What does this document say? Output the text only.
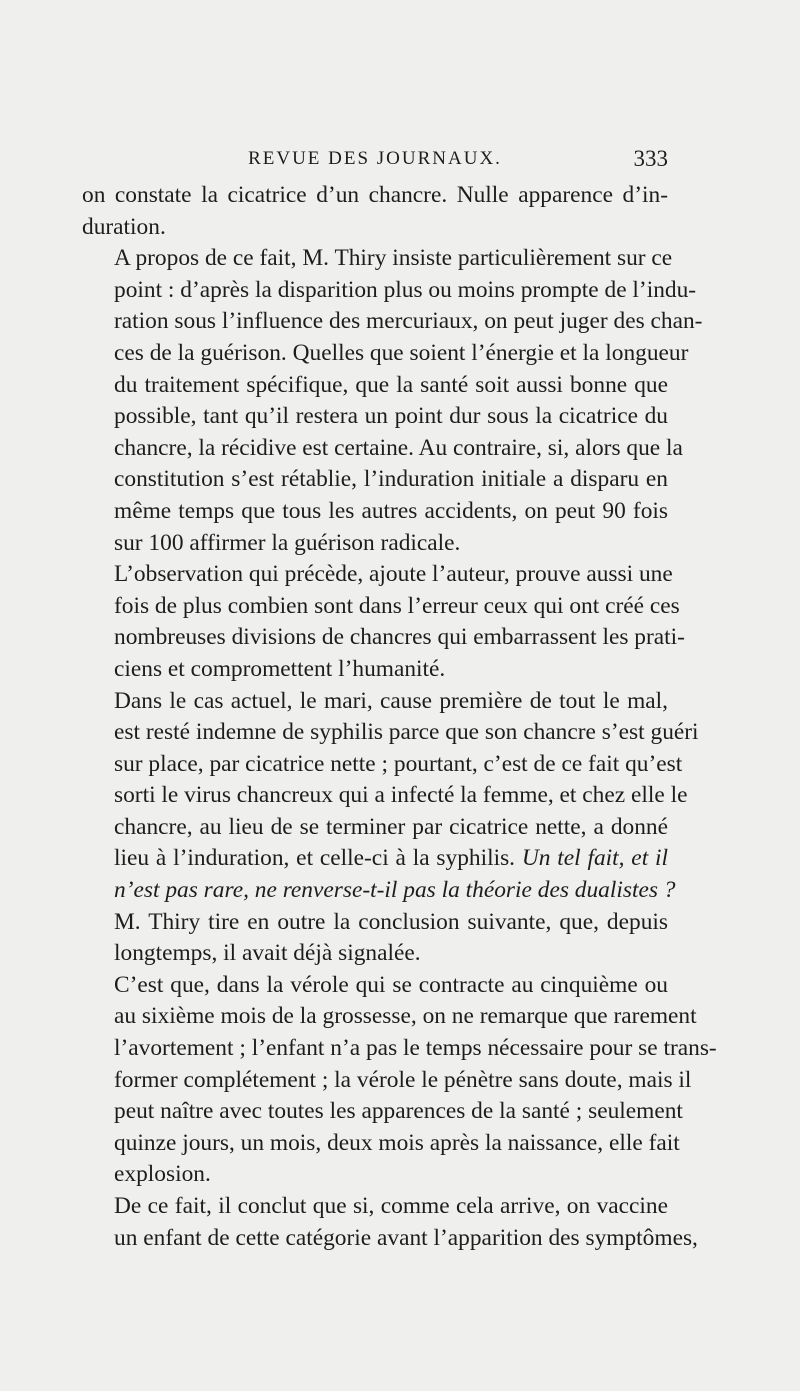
REVUE DES JOURNAUX.	333

on constate la cicatrice d’un chancre. Nulle apparence d’in-
duration.

A propos de ce fait, M. Thiry insiste particulièrement sur ce
point : d’après la disparition plus ou moins prompte de l’indu-
ration sous l’influence des mercuriaux, on peut juger des chan-
ces de la guérison. Quelles que soient l’énergie et la longueur
du traitement spécifique, que la santé soit aussi bonne que
possible, tant qu’il restera un point dur sous la cicatrice du
chancre, la récidive est certaine. Au contraire, si, alors que la
constitution s’est rétablie, l’induration initiale a disparu en
même temps que tous les autres accidents, on peut 90 fois
sur 100 affirmer la guérison radicale.

L’observation qui précède, ajoute l’auteur, prouve aussi une
fois de plus combien sont dans l’erreur ceux qui ont créé ces
nombreuses divisions de chancres qui embarrassent les prati-
ciens et compromettent l’humanité.

Dans le cas actuel, le mari, cause première de tout le mal,
est resté indemne de syphilis parce que son chancre s’est guéri
sur place, par cicatrice nette ; pourtant, c’est de ce fait qu’est
sorti le virus chancreux qui a infecté la femme, et chez elle le
chancre, au lieu de se terminer par cicatrice nette, a donné
lieu à l’induration, et celle-ci à la syphilis. Un tel fait, et il
n’est pas rare, ne renverse-t-il pas la théorie des dualistes ?

M. Thiry tire en outre la conclusion suivante, que, depuis
longtemps, il avait déjà signalée.

C’est que, dans la vérole qui se contracte au cinquième ou
au sixième mois de la grossesse, on ne remarque que rarement
l’avortement ; l’enfant n’a pas le temps nécessaire pour se trans-
former complétement ; la vérole le pénètre sans doute, mais il
peut naître avec toutes les apparences de la santé ; seulement
quinze jours, un mois, deux mois après la naissance, elle fait
explosion.

De ce fait, il conclut que si, comme cela arrive, on vaccine
un enfant de cette catégorie avant l’apparition des symptômes,
